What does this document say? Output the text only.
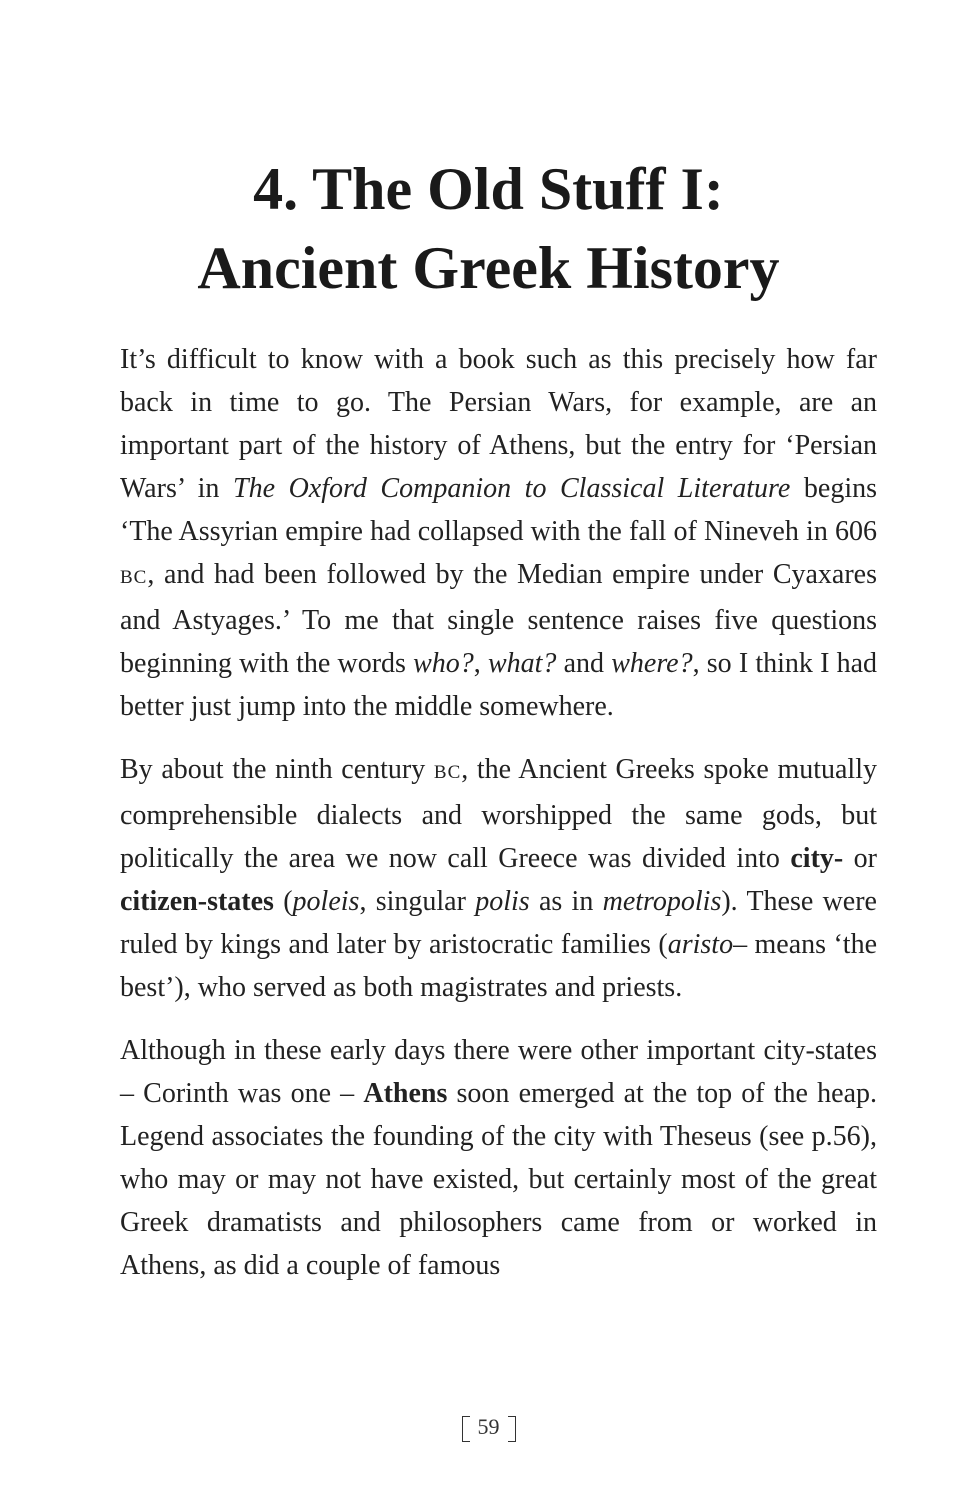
4. The Old Stuff I:
Ancient Greek History

It’s difficult to know with a book such as this precisely how far back in time to go. The Persian Wars, for example, are an important part of the history of Athens, but the entry for ‘Persian Wars’ in The Oxford Companion to Classical Literature begins ‘The Assyrian empire had collapsed with the fall of Nineveh in 606 BC, and had been followed by the Median empire under Cyaxares and Astyages.’ To me that single sentence raises five questions beginning with the words who?, what? and where?, so I think I had better just jump into the middle somewhere.

By about the ninth century BC, the Ancient Greeks spoke mutually comprehensible dialects and worshipped the same gods, but politically the area we now call Greece was divided into city- or citizen-states (poleis, singular polis as in metropolis). These were ruled by kings and later by aristocratic families (aristo– means ‘the best’), who served as both magistrates and priests.

Although in these early days there were other important city-states – Corinth was one – Athens soon emerged at the top of the heap. Legend associates the founding of the city with Theseus (see p.56), who may or may not have existed, but certainly most of the great Greek dramatists and philosophers came from or worked in Athens, as did a couple of famous

59
